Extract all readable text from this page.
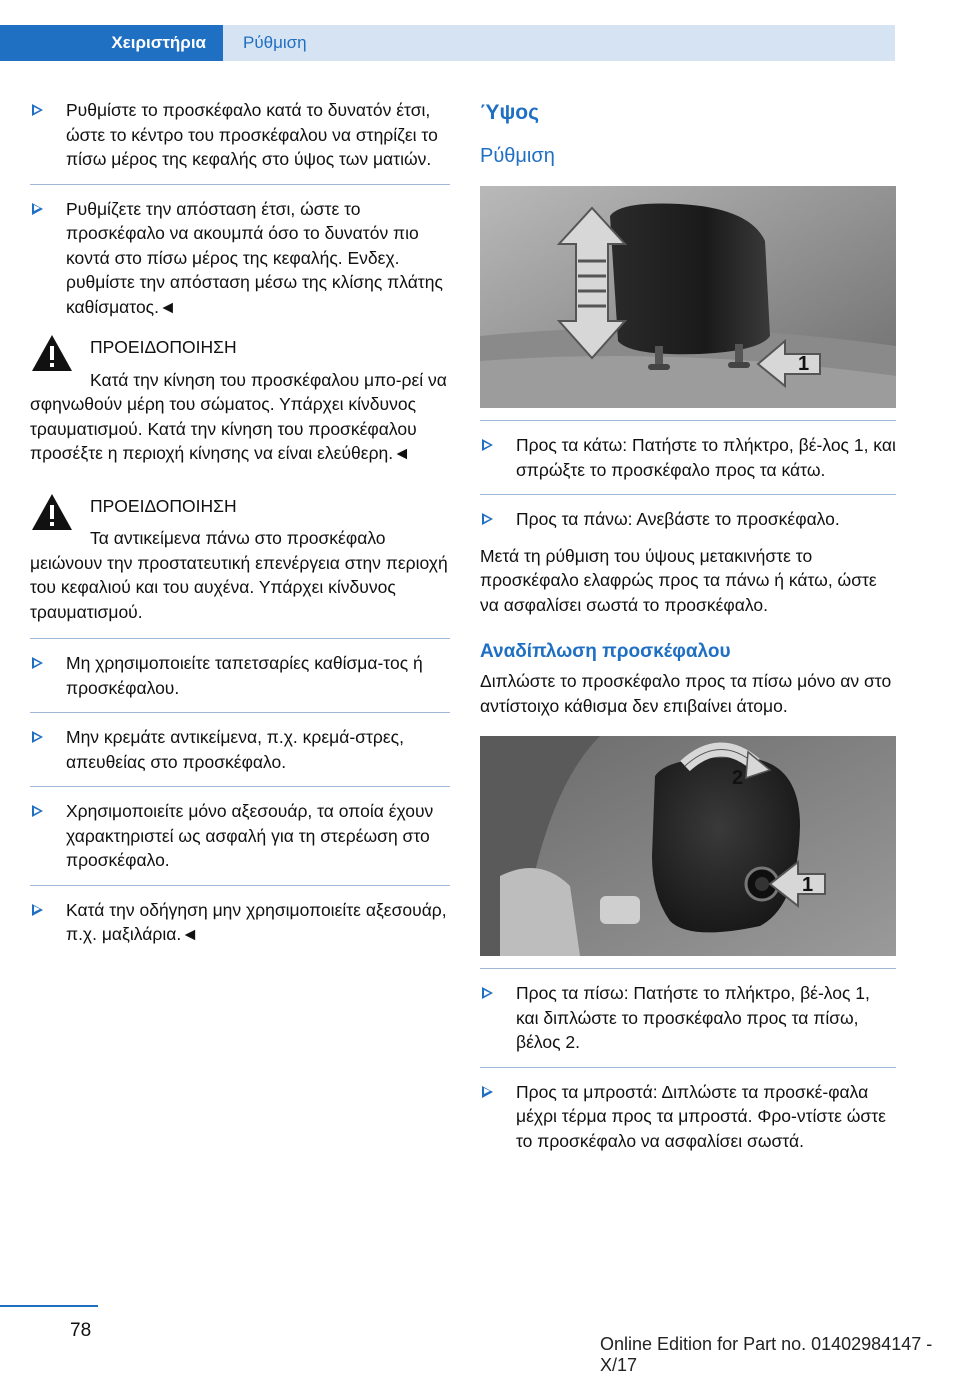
Χειριστήρια	Ρύθμιση
Ρυθμίστε το προσκέφαλο κατά το δυνατόν έτσι, ώστε το κέντρο του προσκέφαλου να στηρίζει το πίσω μέρος της κεφαλής στο ύψος των ματιών.
Ρυθμίζετε την απόσταση έτσι, ώστε το προσκέφαλο να ακουμπά όσο το δυνατόν πιο κοντά στο πίσω μέρος της κεφαλής. Ενδεχ. ρυθμίστε την απόσταση μέσω της κλίσης πλάτης καθίσματος.◄
ΠΡΟΕΙΔΟΠΟΙΗΣΗ
Κατά την κίνηση του προσκέφαλου μπο-ρεί να σφηνωθούν μέρη του σώματος. Υπάρχει κίνδυνος τραυματισμού. Κατά την κίνηση του προσκέφαλου προσέξτε η περιοχή κίνησης να είναι ελεύθερη.◄
ΠΡΟΕΙΔΟΠΟΙΗΣΗ
Τα αντικείμενα πάνω στο προσκέφαλο μειώνουν την προστατευτική επενέργεια στην περιοχή του κεφαλιού και του αυχένα. Υπάρχει κίνδυνος τραυματισμού.
Μη χρησιμοποιείτε ταπετσαρίες καθίσμα-τος ή προσκέφαλου.
Μην κρεμάτε αντικείμενα, π.χ. κρεμά-στρες, απευθείας στο προσκέφαλο.
Χρησιμοποιείτε μόνο αξεσουάρ, τα οποία έχουν χαρακτηριστεί ως ασφαλή για τη στερέωση στο προσκέφαλο.
Κατά την οδήγηση μην χρησιμοποιείτε αξεσουάρ, π.χ. μαξιλάρια.◄
Ύψος
Ρύθμιση
1
Προς τα κάτω: Πατήστε το πλήκτρο, βέ-λος 1, και σπρώξτε το προσκέφαλο προς τα κάτω.
Προς τα πάνω: Ανεβάστε το προσκέφαλο.
Μετά τη ρύθμιση του ύψους μετακινήστε το προσκέφαλο ελαφρώς προς τα πάνω ή κάτω, ώστε να ασφαλίσει σωστά το προσκέφαλο.
Αναδίπλωση προσκέφαλου
Διπλώστε το προσκέφαλο προς τα πίσω μόνο αν στο αντίστοιχο κάθισμα δεν επιβαίνει άτομο.
2
1
Προς τα πίσω: Πατήστε το πλήκτρο, βέ-λος 1, και διπλώστε το προσκέφαλο προς τα πίσω, βέλος 2.
Προς τα μπροστά: Διπλώστε τα προσκέ-φαλα μέχρι τέρμα προς τα μπροστά. Φρο-ντίστε ώστε το προσκέφαλο να ασφαλίσει σωστά.
78
Online Edition for Part no. 01402984147 - X/17
